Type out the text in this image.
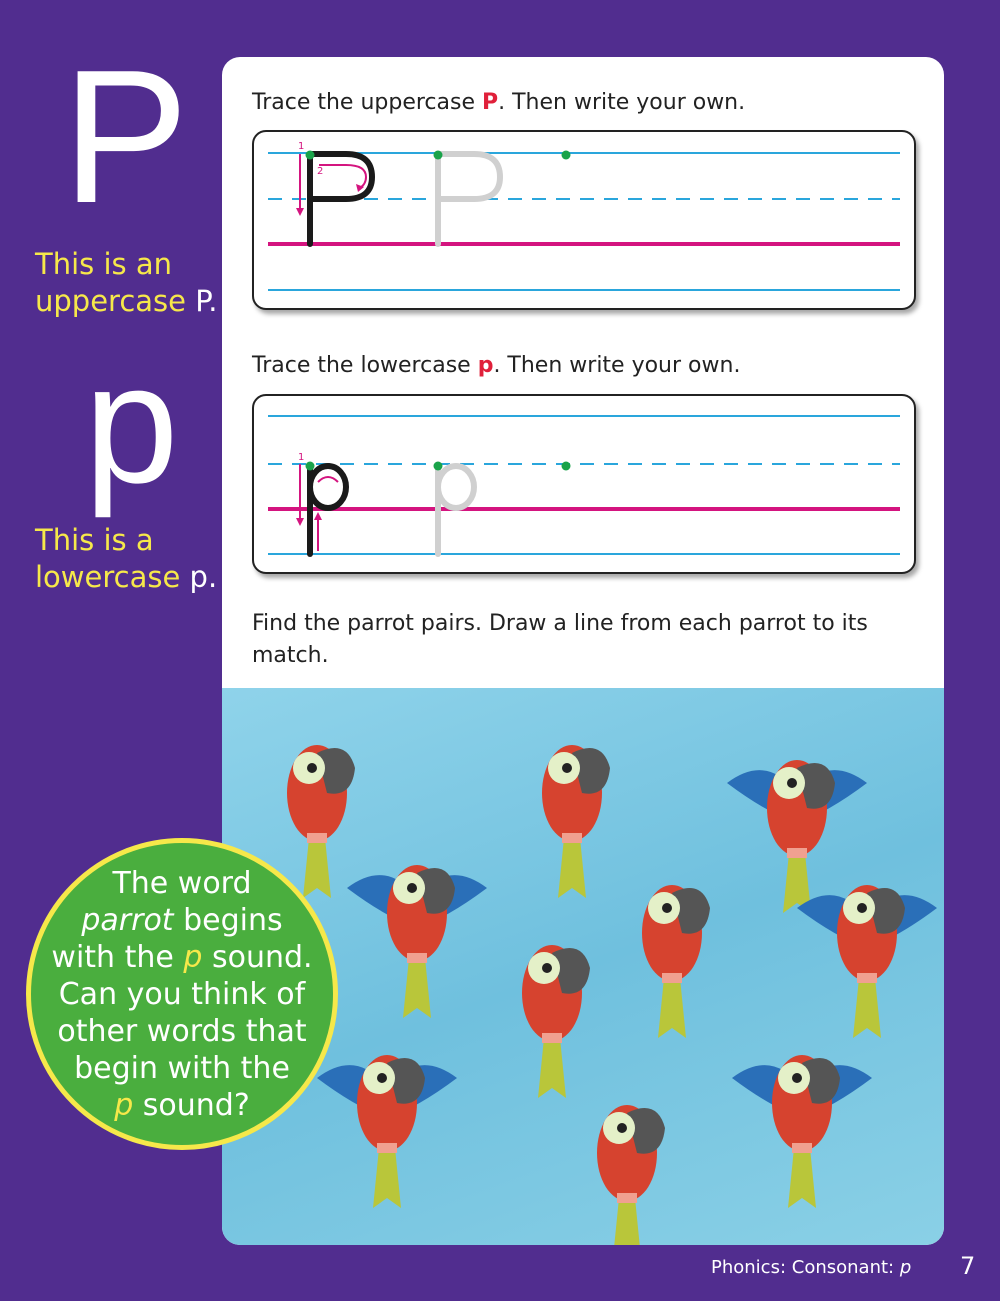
P
This is an
uppercase P.
p
This is a
lowercase p.
Trace the uppercase P. Then write your own.
1
2
Trace the lowercase p. Then write your own.
1
Find the parrot pairs. Draw a line from each parrot to its match.
The word
parrot begins
with the p sound.
Can you think of
other words that
begin with the
p sound?
Phonics: Consonant: p 7
